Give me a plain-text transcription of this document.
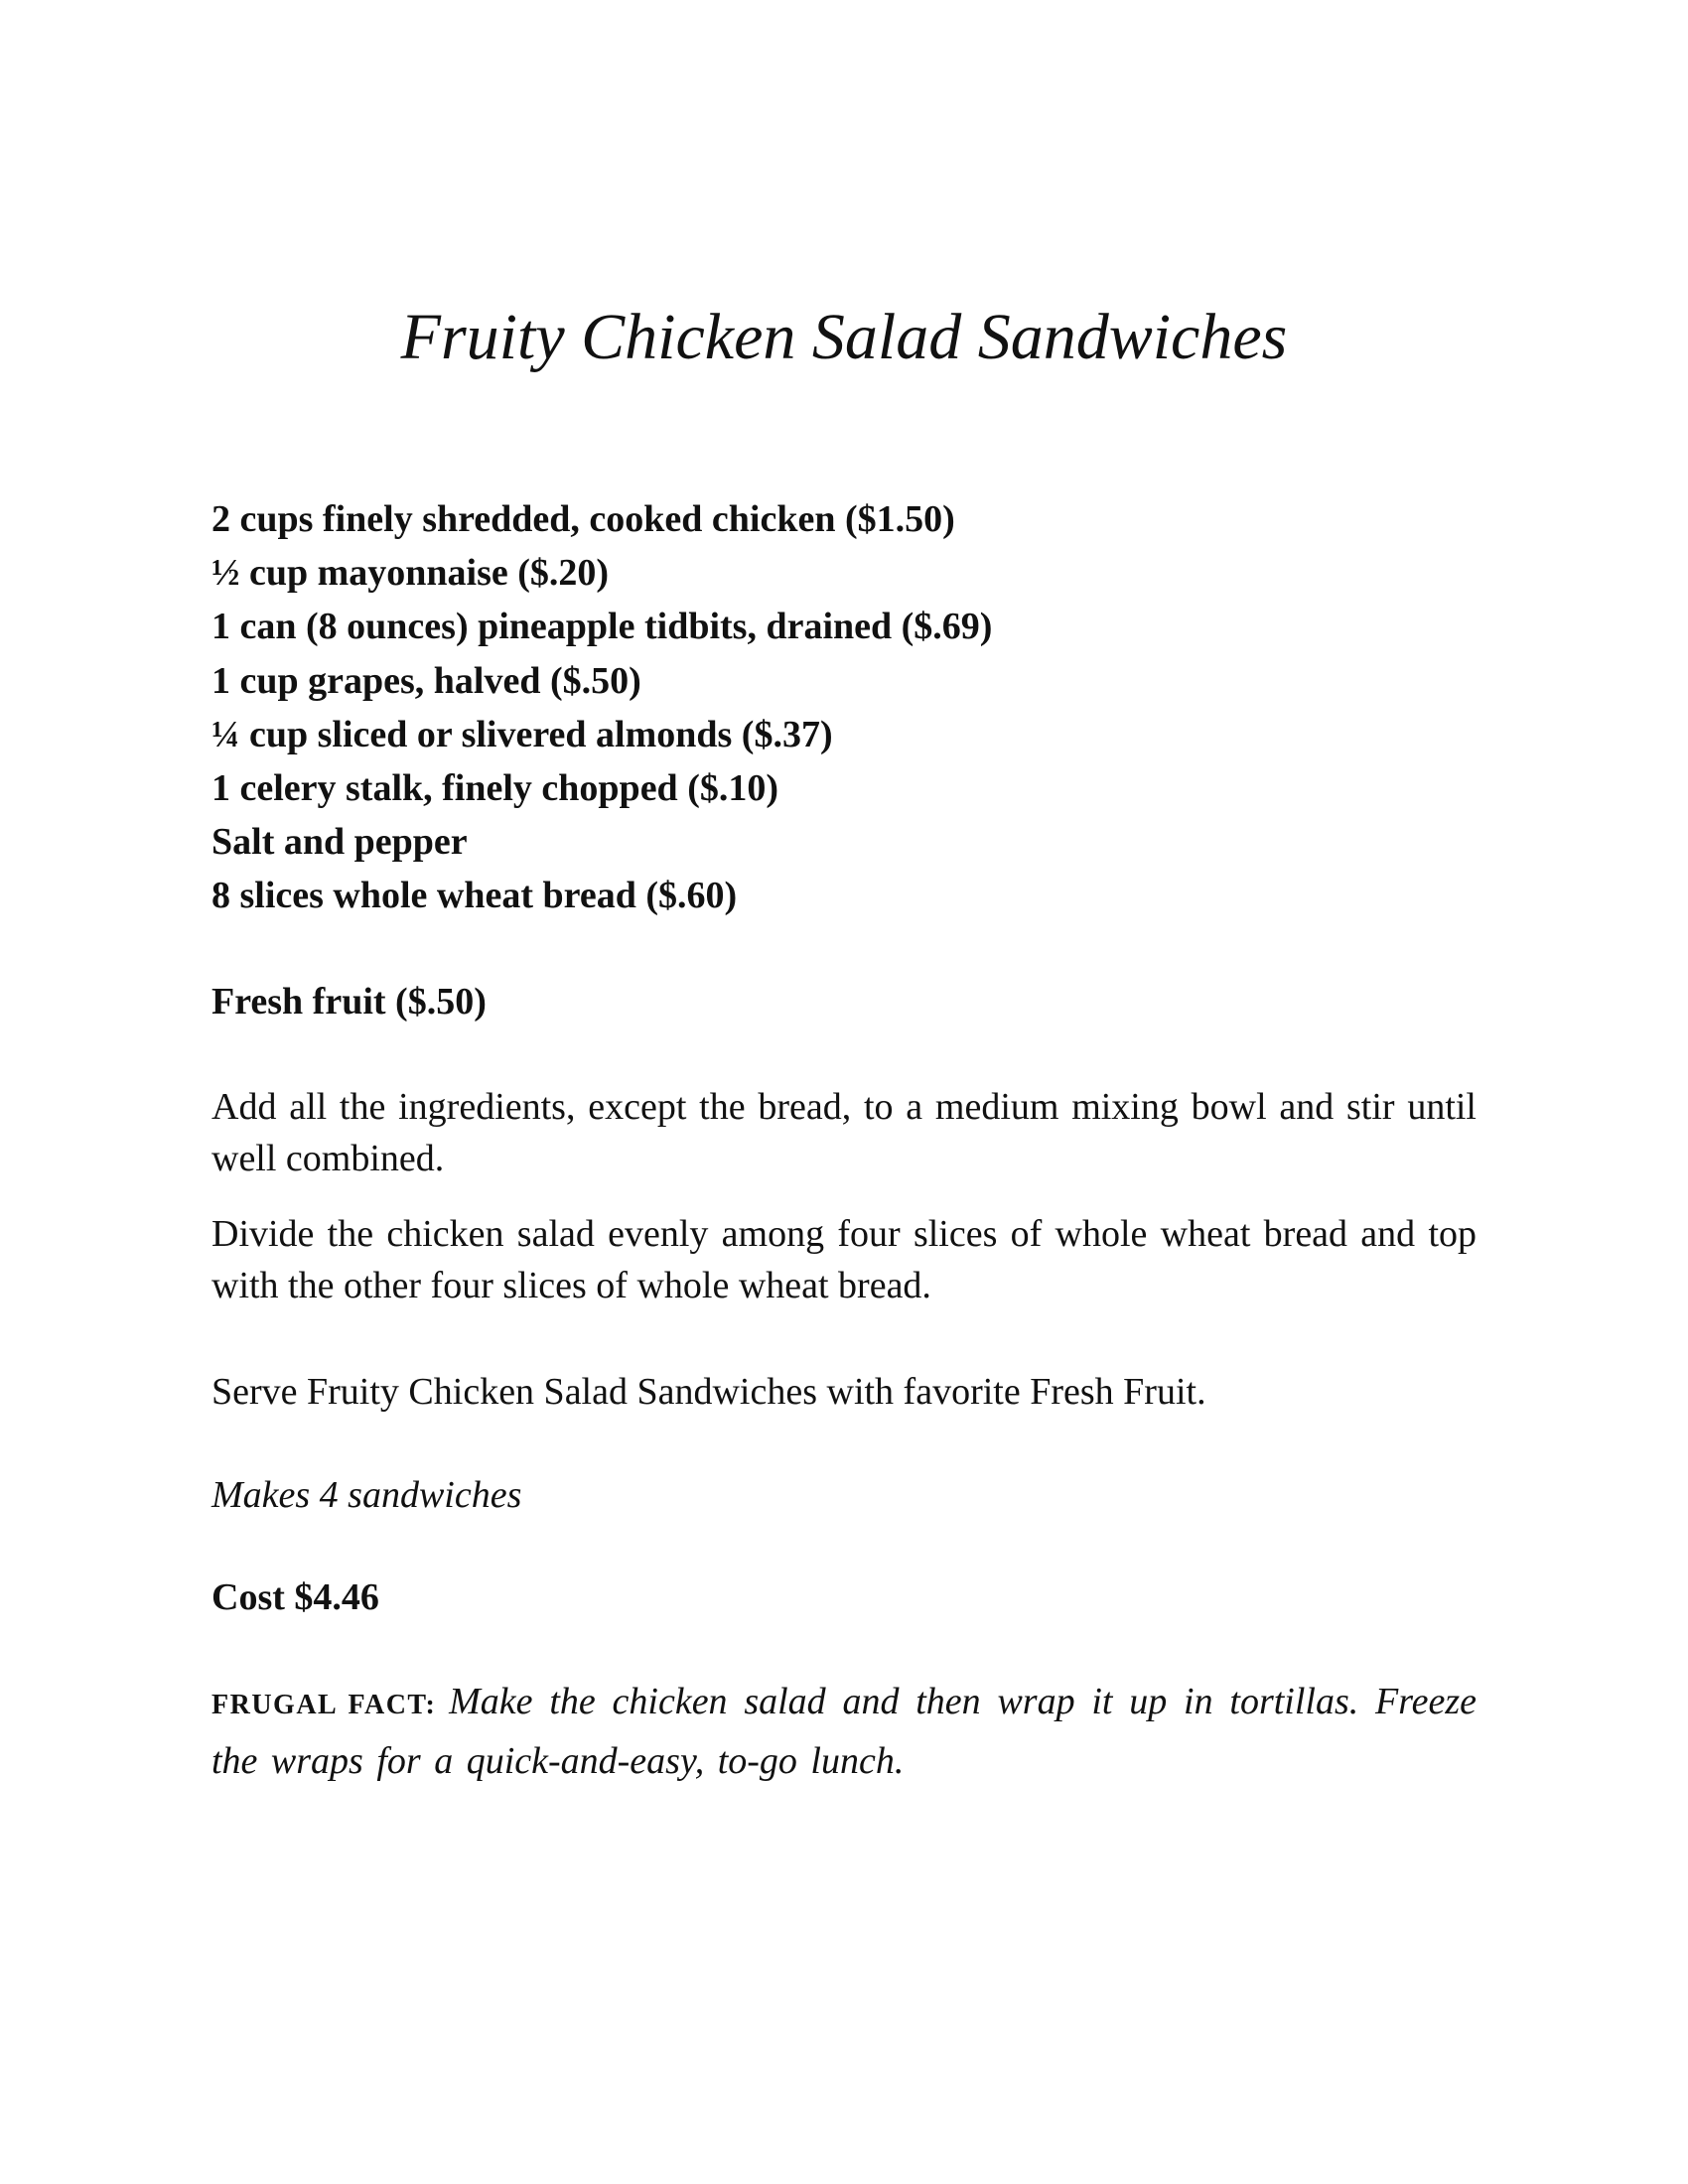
Fruity Chicken Salad Sandwiches
2 cups finely shredded, cooked chicken ($1.50)
½ cup mayonnaise ($.20)
1 can (8 ounces) pineapple tidbits, drained ($.69)
1 cup grapes, halved ($.50)
¼ cup sliced or slivered almonds ($.37)
1 celery stalk, finely chopped ($.10)
Salt and pepper
8 slices whole wheat bread ($.60)

Fresh fruit ($.50)

Add all the ingredients, except the bread, to a medium mixing bowl and stir until well combined.

Divide the chicken salad evenly among four slices of whole wheat bread and top with the other four slices of whole wheat bread.

Serve Fruity Chicken Salad Sandwiches with favorite Fresh Fruit.

Makes 4 sandwiches

Cost $4.46

FRUGAL FACT: Make the chicken salad and then wrap it up in tortillas. Freeze the wraps for a quick-and-easy, to-go lunch.
